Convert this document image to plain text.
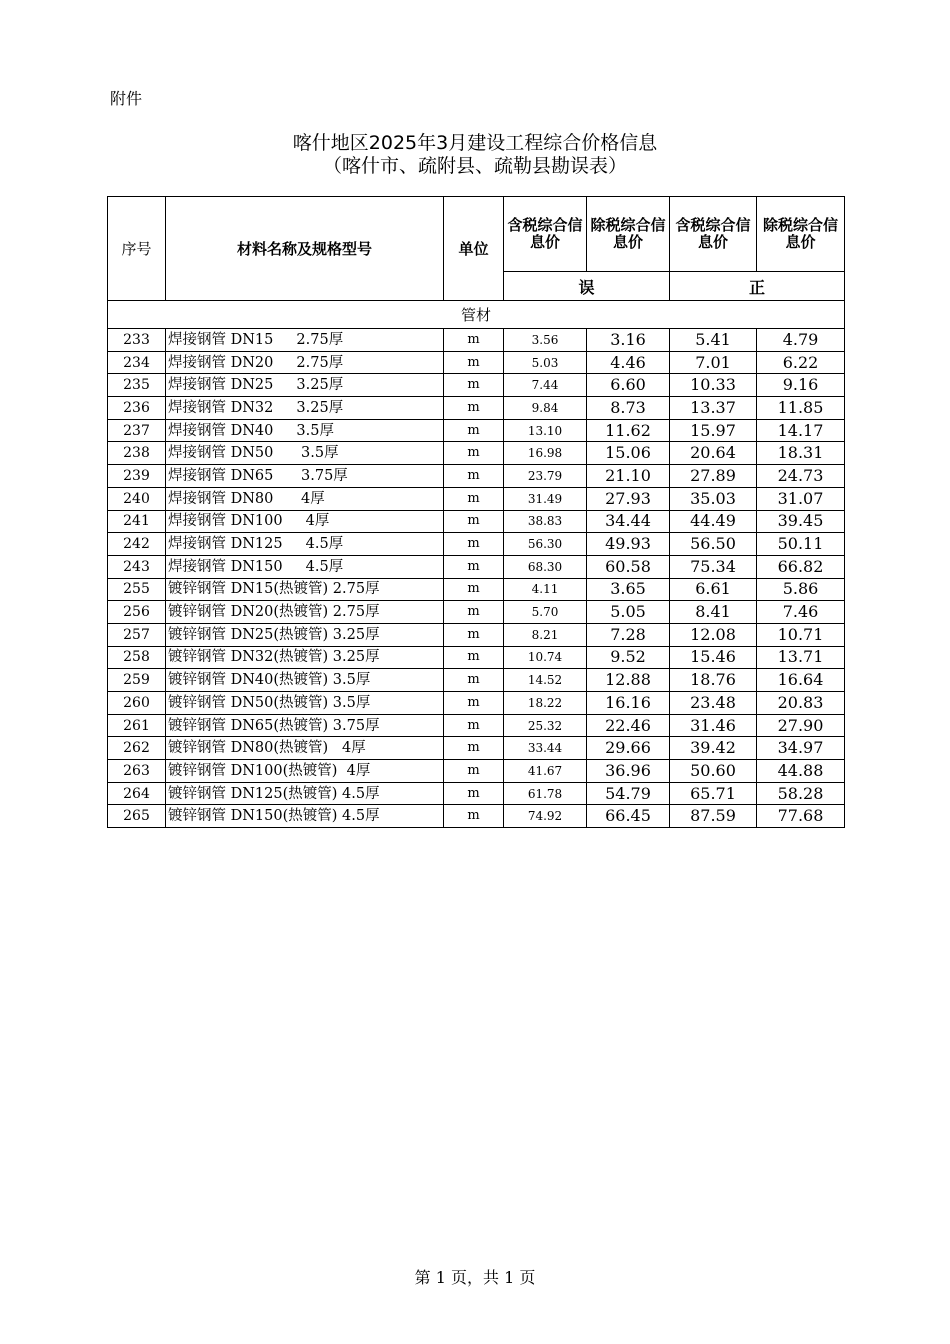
附件
喀什地区2025年3月建设工程综合价格信息
（喀什市、疏附县、疏勒县勘误表）
序号	材料名称及规格型号	单位	含税综合信息价	除税综合信息价	含税综合信息价	除税综合信息价
			误		正	
管材						
233	焊接钢管 DN15     2.75厚	m	3.56	3.16	5.41	4.79
234	焊接钢管 DN20     2.75厚	m	5.03	4.46	7.01	6.22
235	焊接钢管 DN25     3.25厚	m	7.44	6.60	10.33	9.16
236	焊接钢管 DN32     3.25厚	m	9.84	8.73	13.37	11.85
237	焊接钢管 DN40     3.5厚	m	13.10	11.62	15.97	14.17
238	焊接钢管 DN50      3.5厚	m	16.98	15.06	20.64	18.31
239	焊接钢管 DN65      3.75厚	m	23.79	21.10	27.89	24.73
240	焊接钢管 DN80      4厚	m	31.49	27.93	35.03	31.07
241	焊接钢管 DN100     4厚	m	38.83	34.44	44.49	39.45
242	焊接钢管 DN125     4.5厚	m	56.30	49.93	56.50	50.11
243	焊接钢管 DN150     4.5厚	m	68.30	60.58	75.34	66.82
255	镀锌钢管 DN15(热镀管) 2.75厚	m	4.11	3.65	6.61	5.86
256	镀锌钢管 DN20(热镀管) 2.75厚	m	5.70	5.05	8.41	7.46
257	镀锌钢管 DN25(热镀管) 3.25厚	m	8.21	7.28	12.08	10.71
258	镀锌钢管 DN32(热镀管) 3.25厚	m	10.74	9.52	15.46	13.71
259	镀锌钢管 DN40(热镀管) 3.5厚	m	14.52	12.88	18.76	16.64
260	镀锌钢管 DN50(热镀管) 3.5厚	m	18.22	16.16	23.48	20.83
261	镀锌钢管 DN65(热镀管) 3.75厚	m	25.32	22.46	31.46	27.90
262	镀锌钢管 DN80(热镀管)   4厚	m	33.44	29.66	39.42	34.97
263	镀锌钢管 DN100(热镀管)  4厚	m	41.67	36.96	50.60	44.88
264	镀锌钢管 DN125(热镀管) 4.5厚	m	61.78	54.79	65.71	58.28
265	镀锌钢管 DN150(热镀管) 4.5厚	m	74.92	66.45	87.59	77.68
第 1 页，共 1 页
